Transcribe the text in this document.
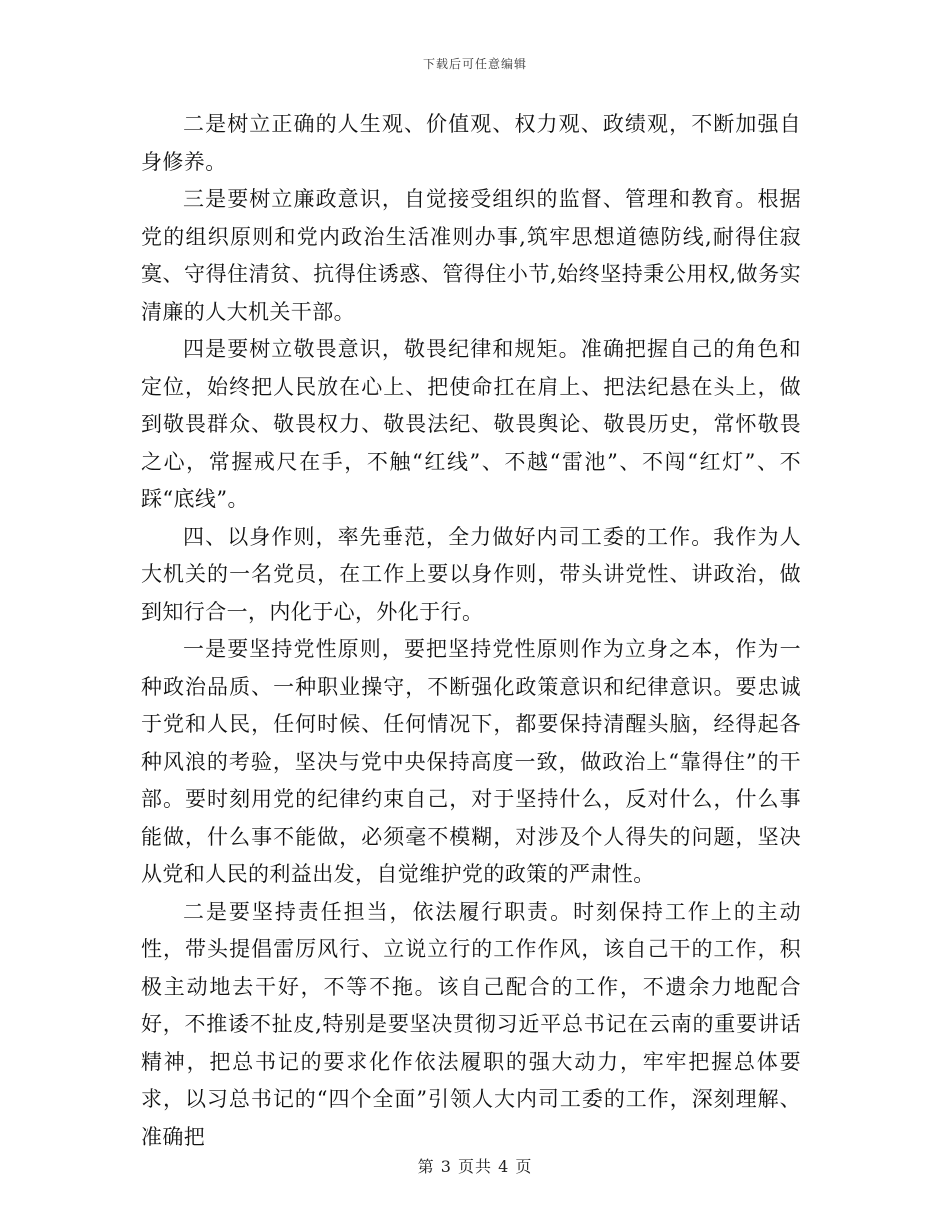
下载后可任意编辑

二是树立正确的人生观、价值观、权力观、政绩观，不断加强自身修养。

三是要树立廉政意识，自觉接受组织的监督、管理和教育。根据党的组织原则和党内政治生活准则办事,筑牢思想道德防线,耐得住寂寞、守得住清贫、抗得住诱惑、管得住小节,始终坚持秉公用权,做务实清廉的人大机关干部。

四是要树立敬畏意识，敬畏纪律和规矩。准确把握自己的角色和定位，始终把人民放在心上、把使命扛在肩上、把法纪悬在头上，做到敬畏群众、敬畏权力、敬畏法纪、敬畏舆论、敬畏历史，常怀敬畏之心，常握戒尺在手，不触“红线”、不越“雷池”、不闯“红灯”、不踩“底线”。

四、以身作则，率先垂范，全力做好内司工委的工作。我作为人大机关的一名党员，在工作上要以身作则，带头讲党性、讲政治，做到知行合一，内化于心，外化于行。

一是要坚持党性原则，要把坚持党性原则作为立身之本，作为一种政治品质、一种职业操守，不断强化政策意识和纪律意识。要忠诚于党和人民，任何时候、任何情况下，都要保持清醒头脑，经得起各种风浪的考验，坚决与党中央保持高度一致，做政治上“靠得住”的干部。要时刻用党的纪律约束自己，对于坚持什么，反对什么，什么事能做，什么事不能做，必须毫不模糊，对涉及个人得失的问题，坚决从党和人民的利益出发，自觉维护党的政策的严肃性。

二是要坚持责任担当，依法履行职责。时刻保持工作上的主动性，带头提倡雷厉风行、立说立行的工作作风，该自己干的工作，积极主动地去干好，不等不拖。该自己配合的工作，不遗余力地配合好，不推诿不扯皮,特别是要坚决贯彻习近平总书记在云南的重要讲话精神，把总书记的要求化作依法履职的强大动力，牢牢把握总体要求，以习总书记的“四个全面”引领人大内司工委的工作，深刻理解、准确把

第 3 页共 4 页
